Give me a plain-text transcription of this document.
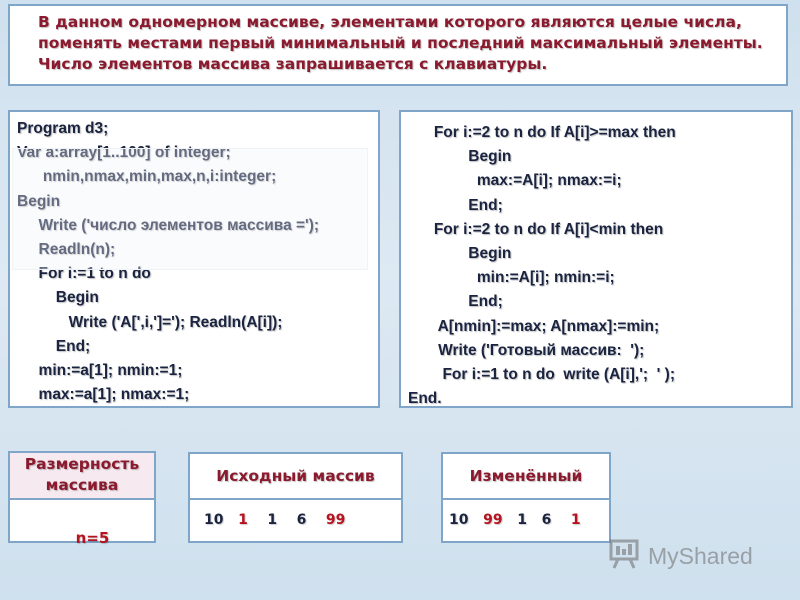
В данном одномерном массиве, элементами которого являются целые числа,
поменять местами первый минимальный и последний максимальный элементы.
Число элементов массива запрашивается с клавиатуры.
Program d3;
Var a:array[1..100] of integer;
nmin,nmax,min,max,n,i:integer;
Begin
Write ('число элементов массива =');
Readln(n);
For i:=1 to n do
Begin
Write ('A[',i,']='); Readln(A[i]);
End;
min:=a[1]; nmin:=1;
max:=a[1]; nmax:=1;
For i:=2 to n do If A[i]>=max then
Begin
max:=A[i]; nmax:=i;
End;
For i:=2 to n do If A[i]<min then
Begin
min:=A[i]; nmin:=i;
End;
A[nmin]:=max; A[nmax]:=min;
Write ('Готовый массив:  ');
For i:=1 to n do  write (A[i],';  ' );
End.
Размерность
массива

n=5

Исходный массив
10 1 1 6 99
Изменённый
10 99 1 6 1
MyShared
